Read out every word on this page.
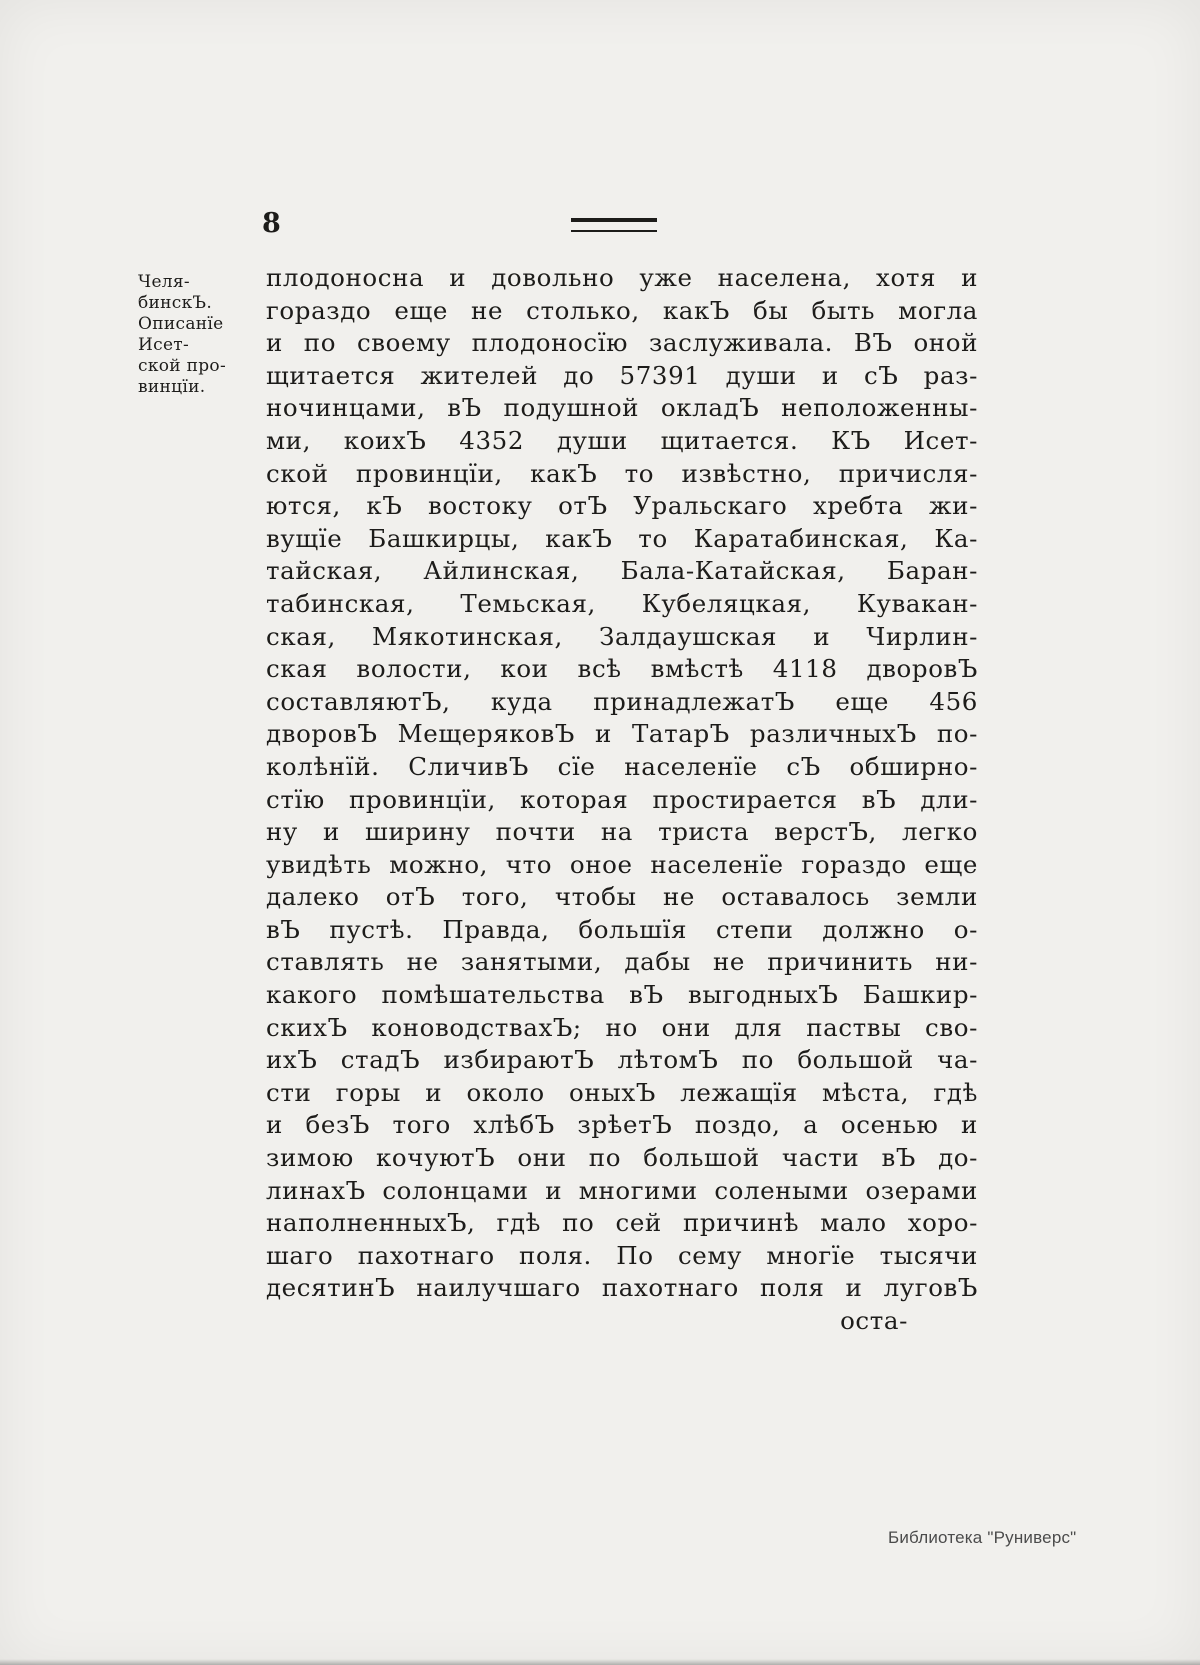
8
Челя-
бинскЪ.
Описанїе
Исет-
ской про-
винцїи.
плодоносна и довольно уже населена, хотя и
гораздо еще не столько, какЪ бы быть могла
и по своему плодоносїю заслуживала. ВЪ оной
щитается жителей до 57391 души и сЪ раз-
ночинцами, вЪ подушной окладЪ неположенны-
ми, коихЪ 4352 души щитается. КЪ Исет-
ской провинцїи, какЪ то извѣстно, причисля-
ются, кЪ востоку отЪ Уральскаго хребта жи-
вущїе Башкирцы, какЪ то Каратабинская, Ка-
тайская, Айлинская, Бала-Катайская, Баран-
табинская, Темьская, Кубеляцкая, Кувакан-
ская, Мякотинская, Залдаушская и Чирлин-
ская волости, кои всѣ вмѣстѣ 4118 дворовЪ
составляютЪ, куда принадлежатЪ еще 456
дворовЪ МещеряковЪ и ТатарЪ различныхЪ по-
колѣнїй. СличивЪ сїе населенїе сЪ обширно-
стїю провинцїи, которая простирается вЪ дли-
ну и ширину почти на триста верстЪ, легко
увидѣть можно, что оное населенїе гораздо еще
далеко отЪ того, чтобы не оставалось земли
вЪ пустѣ. Правда, большїя степи должно о-
ставлять не занятыми, дабы не причинить ни-
какого помѣшательства вЪ выгодныхЪ Башкир-
скихЪ коноводствахЪ; но они для паствы сво-
ихЪ стадЪ избираютЪ лѣтомЪ по большой ча-
сти горы и около оныхЪ лежащїя мѣста, гдѣ
и безЪ того хлѣбЪ зрѣетЪ поздо, а осенью и
зимою кочуютЪ они по большой части вЪ до-
линахЪ солонцами и многими солеными озерами
наполненныхЪ, гдѣ по сей причинѣ мало хоро-
шаго пахотнаго поля. По сему многїе тысячи
десятинЪ наилучшаго пахотнаго поля и луговЪ
оста-
Библиотека "Руниверс"
